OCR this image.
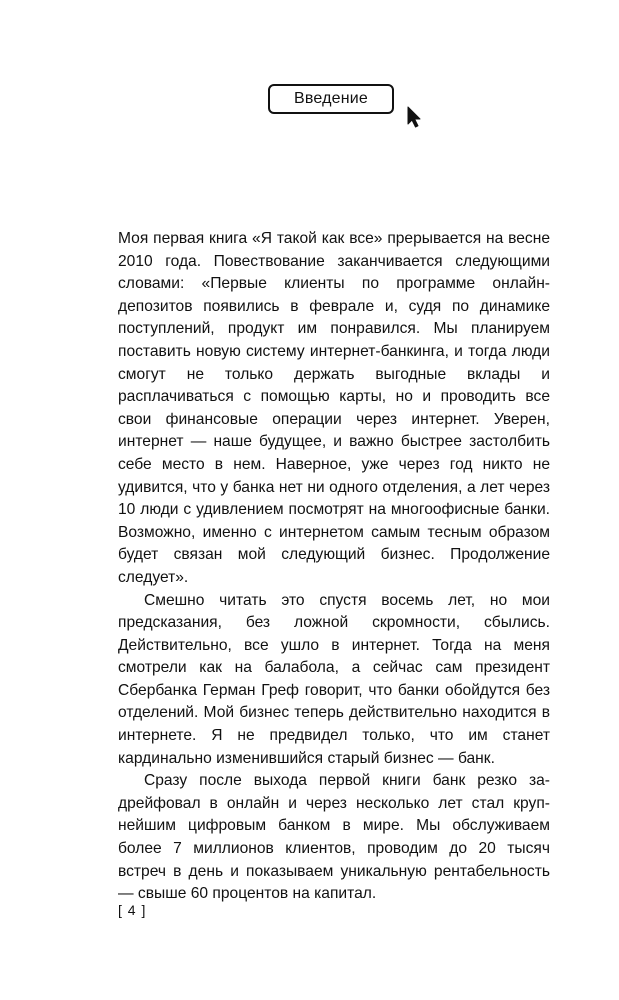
Введение

Моя первая книга «Я такой как все» прерывается на весне 2010 года. Повествование заканчивается следующими словами: «Первые клиенты по программе онлайн-депозитов появились в феврале и, судя по динамике поступлений, продукт им понравился. Мы планируем поставить новую систему интернет-банкинга, и тогда люди смогут не только держать выгодные вклады и расплачиваться с помощью карты, но и проводить все свои финансовые операции через интернет. Уверен, интернет — наше будущее, и важно быстрее застолбить себе место в нем. Наверное, уже через год никто не удивится, что у банка нет ни одного отделения, а лет через 10 люди с удивлением посмотрят на многоофисные банки. Возможно, именно с интернетом самым тесным образом будет связан мой следующий бизнес. Продолжение следует».

Смешно читать это спустя восемь лет, но мои предсказания, без ложной скромности, сбылись. Действительно, все ушло в интернет. Тогда на меня смотрели как на балабола, а сейчас сам президент Сбербанка Герман Греф говорит, что банки обойдутся без отделений. Мой бизнес теперь действительно находится в интернете. Я не предвидел только, что им станет кардинально изменившийся старый бизнес — банк.

Сразу после выхода первой книги банк резко задрейфовал в онлайн и через несколько лет стал крупнейшим цифровым банком в мире. Мы обслуживаем более 7 миллионов клиентов, проводим до 20 тысяч встреч в день и показываем уникальную рентабельность — свыше 60 процентов на капитал.

[ 4 ]
